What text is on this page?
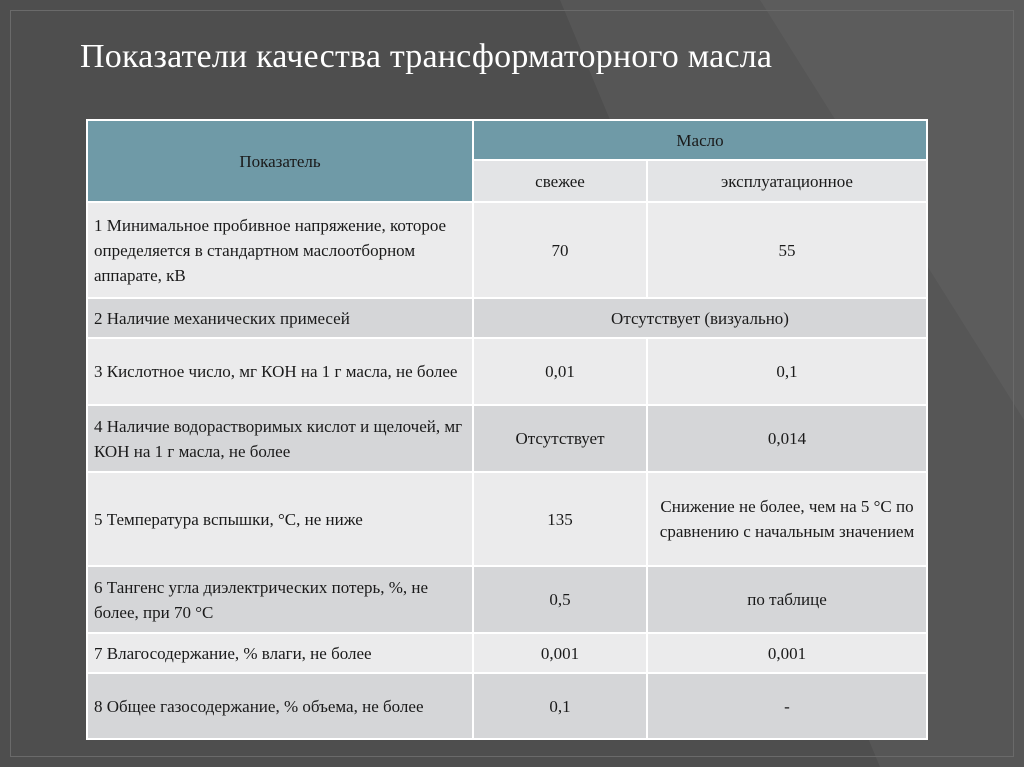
Показатели качества трансформаторного масла
Показатель	Масло	
	свежее	эксплуатационное
1 Минимальное пробивное напряжение, которое определяется в стандартном маслоотборном аппарате, кВ	70	55
2 Наличие механических примесей	Отсутствует (визуально)	
3 Кислотное число, мг КОН на 1 г масла, не более	0,01	0,1
4 Наличие водорастворимых кислот и щелочей, мг КОН на 1 г масла, не более	Отсутствует	0,014
5 Температура вспышки, °С, не ниже	135	Снижение не более, чем на 5 °С по сравнению с начальным значением
6 Тангенс угла диэлектрических потерь, %, не более, при 70 °С	0,5	по таблице
7 Влагосодержание, % влаги, не более	0,001	0,001
8 Общее газосодержание, % объема, не более	0,1	-
